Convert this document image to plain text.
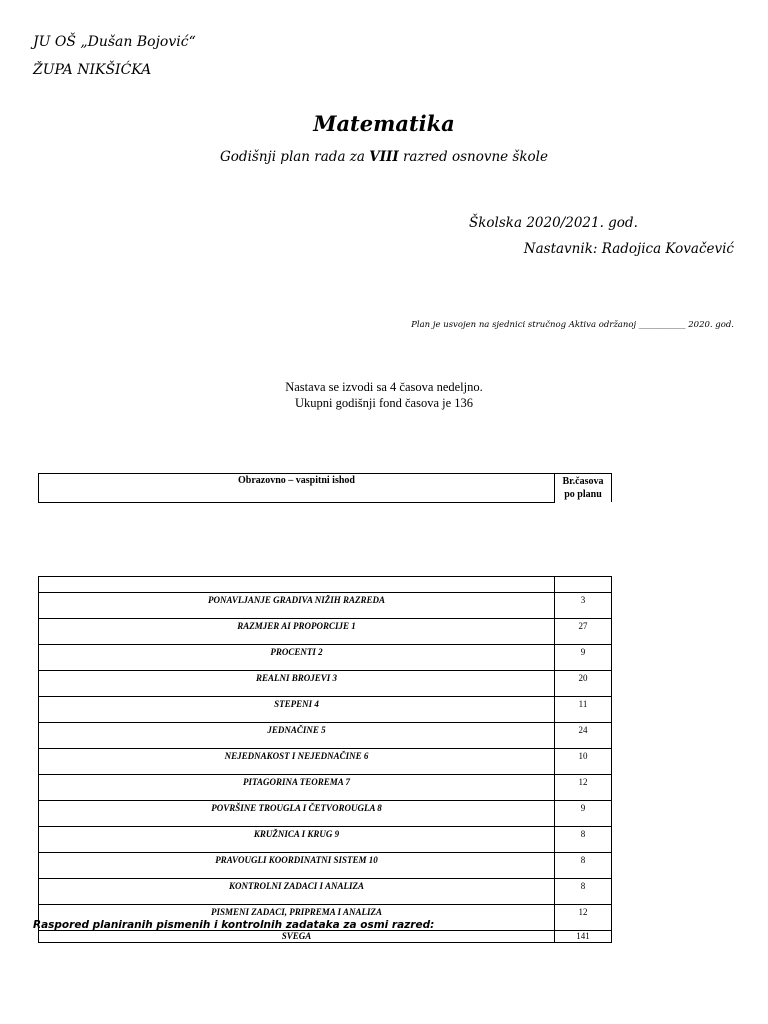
JU OŠ „Dušan Bojović“
ŽUPA NIKŠIĆKA
Matematika
Godišnji plan rada za VIII razred osnovne škole
Školska 2020/2021. god.
Nastavnik: Radojica Kovačević
Plan je usvojen na sjednici stručnog Aktiva održanoj ___________ 2020. god.
Nastava se izvodi sa 4 časova nedeljno.
Ukupni godišnji fond časova je 136
Obrazovno – vaspitni ishod	Br.časova
po planu

PONAVLJANJE GRADIVA NIŽIH RAZREDA	3
RAZMJER AI PROPORCIJE 1	27
PROCENTI 2	9
REALNI BROJEVI 3	20
STEPENI 4	11
JEDNAČINE 5	24
NEJEDNAKOST I NEJEDNAČINE 6	10
PITAGORINA TEOREMA 7	12
POVRŠINE TROUGLA I ČETVOROUGLA 8	9
KRUŽNICA I KRUG 9	8
PRAVOUGLI KOORDINATNI SISTEM 10	8
KONTROLNI ZADACI I ANALIZA	8
PISMENI ZADACI, PRIPREMA I ANALIZA	12
SVEGA	141
Raspored planiranih pismenih i kontrolnih zadataka za osmi razred:
